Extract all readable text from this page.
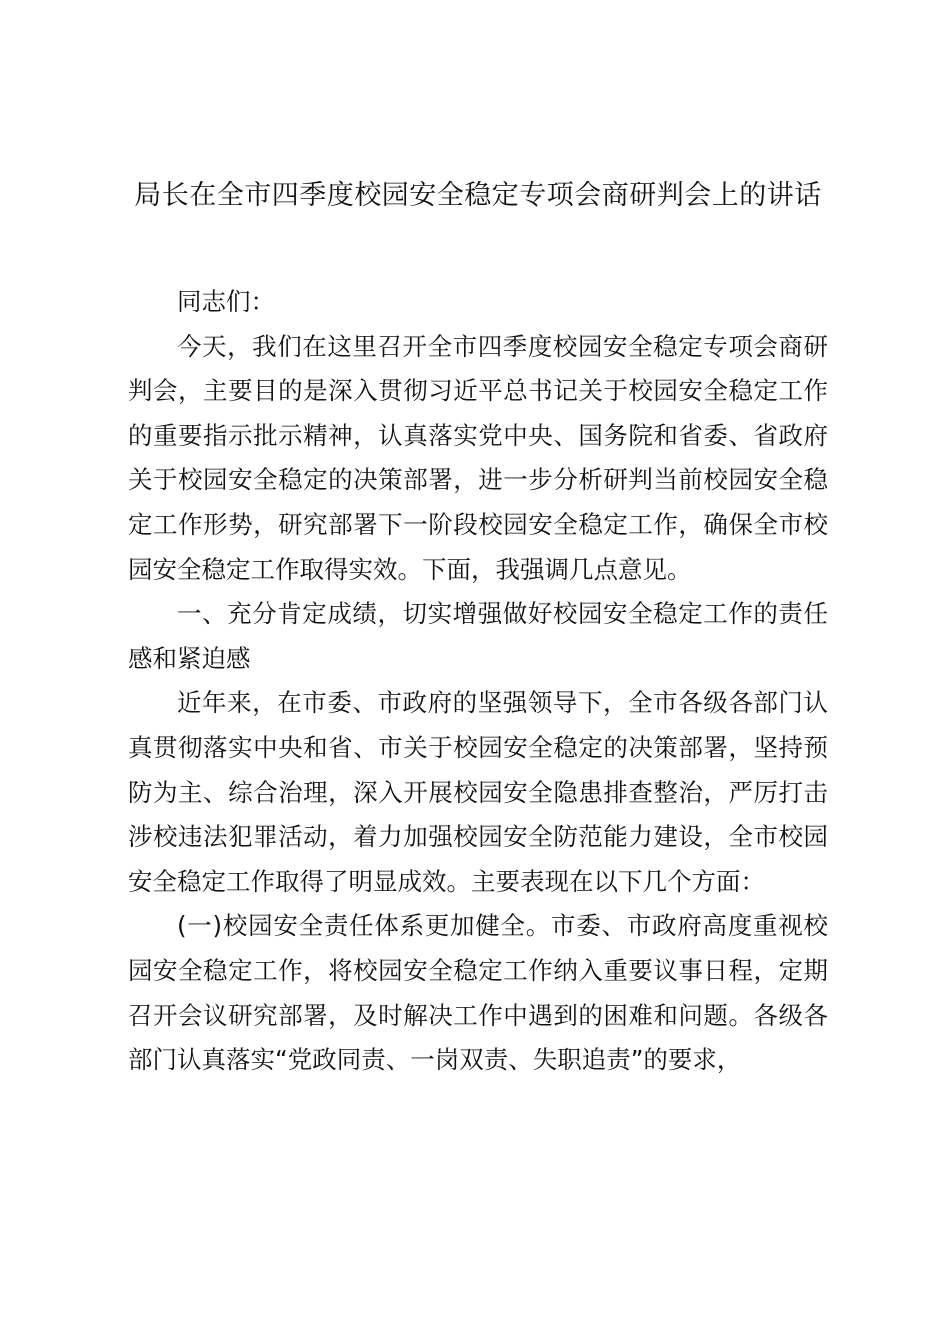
局长在全市四季度校园安全稳定专项会商研判会上的讲话

同志们：

今天，我们在这里召开全市四季度校园安全稳定专项会商研判会，主要目的是深入贯彻习近平总书记关于校园安全稳定工作的重要指示批示精神，认真落实党中央、国务院和省委、省政府关于校园安全稳定的决策部署，进一步分析研判当前校园安全稳定工作形势，研究部署下一阶段校园安全稳定工作，确保全市校园安全稳定工作取得实效。下面，我强调几点意见。

一、充分肯定成绩，切实增强做好校园安全稳定工作的责任感和紧迫感

近年来，在市委、市政府的坚强领导下，全市各级各部门认真贯彻落实中央和省、市关于校园安全稳定的决策部署，坚持预防为主、综合治理，深入开展校园安全隐患排查整治，严厉打击涉校违法犯罪活动，着力加强校园安全防范能力建设，全市校园安全稳定工作取得了明显成效。主要表现在以下几个方面：

(一)校园安全责任体系更加健全。市委、市政府高度重视校园安全稳定工作，将校园安全稳定工作纳入重要议事日程，定期召开会议研究部署，及时解决工作中遇到的困难和问题。各级各部门认真落实“党政同责、一岗双责、失职追责”的要求，
